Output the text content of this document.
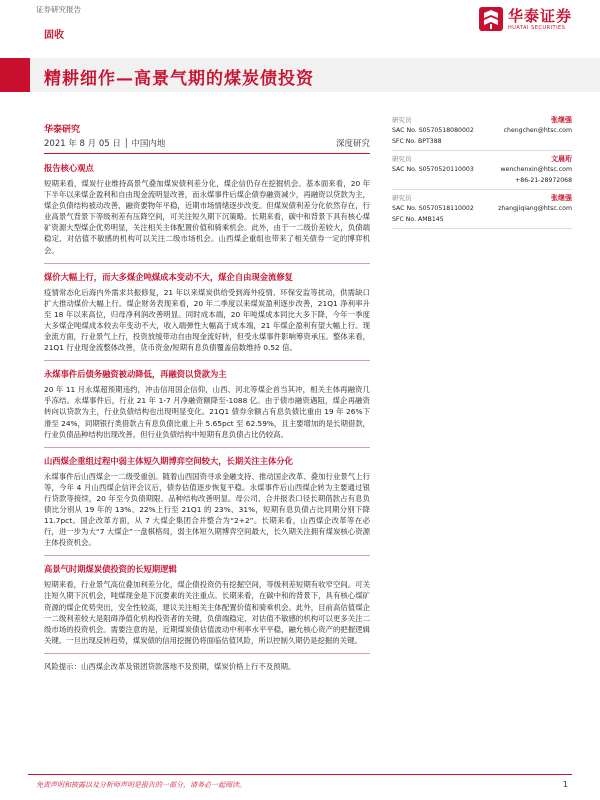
证券研究报告	华泰证券
HUATAI SECURITIES
固收
精耕细作—高景气期的煤炭债投资
华泰研究
2021 年 8 月 05 日 │ 中国内地	深度研究
报告核心观点
短期来看，煤炭行业维持高景气叠加煤炭债利差分化，煤企信仍存在挖掘机会。基本面来看，20 年下半年以来煤企盈利和自由现金流明显改善，而永煤事件后煤企债券融资减少，再融资以贷款为主，煤企负债结构被动改善，融资要物年平稳，近期市场情绪逐步改变。但煤炭债利差分化依然存在，行业高景气背景下等级利差有压降空间，可关注短久期下沉策略。长期来看，碳中和背景下具有核心煤矿资源大型煤企优势明显，关注相关主体配置价值和骑乘机会。此外，由于一二级价差较大，负债端稳定、对估值不敏感的机构可以关注二级市场机会。山西煤企重组也带来了相关债券一定的博弈机会。
煤价大幅上行，而大多煤企吨煤成本变动不大，煤企自由现金流修复
疫情常态化后海内外需求共振修复，21 年以来煤炭供给受到海外疫情、环保安监等扰动，供需缺口扩大推动煤价大幅上行。煤企财务表现来看，20 年二季度以来煤炭盈利逐步改善，21Q1 净利率升至 18 年以来高位，归母净利润改善明显。同时成本端，20 年吨煤成本同比大多下降，今年一季度大多煤企吨煤成本较去年变动不大，收入端弹性大幅高于成本端，21 年煤企盈利有望大幅上行。现金流方面，行业景气上行，投资放缓带动自由现金流好转，但受永煤事件影响筹资承压。整体来看，21Q1 行业现金流整体改善，货币资金/短期有息负债覆盖倍数维持 0.52 倍。
永煤事件后债务融资被动降低，再融资以贷款为主
20 年 11 月永煤超预期违约，冲击信用国企信仰，山西、河北等煤企首当其冲，相关主体再融资几乎冻结。永煤事件后，行业 21 年 1-7 月净融资额降至-1088 亿。由于债市融资遇阻，煤企再融资转向以贷款为主，行业负债结构也出现明显变化。21Q1 债券余额占有息负债比重由 19 年 26%下滑至 24%，同期银行类借款占有息负债比重上升 5.65pct 至 62.59%，且主要增加的是长期借款，行业负债品种结构出现改善。但行业负债结构中短期有息负债占比仍较高。
山西煤企重组过程中弱主体短久期博弈空间较大，长期关注主体分化
永煤事件后山西煤企一二级受重创。随着山西国资寻求金融支持、推动国企改革、叠加行业景气上行等，今年 4 月山西煤企信评会议后，债券估值逐步恢复平稳。永煤事件后山西煤企转为主要通过银行贷款等接续，20 年至今负债期限、品种结构改善明显。母公司、合并报表口径长期借款占有息负债比分别从 19 年的 13%、22%上行至 21Q1 的 23%、31%，短期有息负债占比同期分别下降 11.7pct。国企改革方面，从 7 大煤企集团合并整合为“2+2”。长期来看，山西煤企改革等在必行，进一步为大“7 大煤企”一盘棋格局，弱主体短久期博弈空间最大，长久期关注拥有煤炭核心资源主体投资机会。
高景气时期煤炭债投资的长短期逻辑
短期来看，行业景气高位叠加利差分化，煤企债投资仍有挖掘空间，等级利差短期有收窄空间。可关注短久期下沉机会，吨煤现金是下沉要素的关注重点。长期来看，在碳中和的背景下，具有核心煤矿资源的煤企优势突出，安全性较高，建议关注相关主体配置价值和骑乘机会。此外，目前高估值煤企一二级利差较大是阻碍净值化机构投资者的关键，负债端稳定、对估值不敏感的机构可以更多关注二级市场的投资机会。需要注意的是，近期煤炭债估值波动中利率水平平稳，融允核心资产的把握逻辑关键。一旦出现反转趋势，煤炭债的信用挖掘仍将面临估值风险，所以控制久期仍是挖掘的关键。
风险提示：山西煤企改革及银团贷款落地不及预期，煤炭价格上行不及预期。
研究员	张继强
SAC No. S0570518080002	chengchen@htsc.com
SFC No. BPT388
研究员	文晨珩
SAC No. S0570520110003	wenchenxin@htsc.com
+86-21-28972068
研究员	张继强
SAC No. S0570518110002	zhangjiqiang@htsc.com
SFC No. AMB145
免责声明和披露以及分析师声明是报告的一部分，请务必一起阅读。	1
